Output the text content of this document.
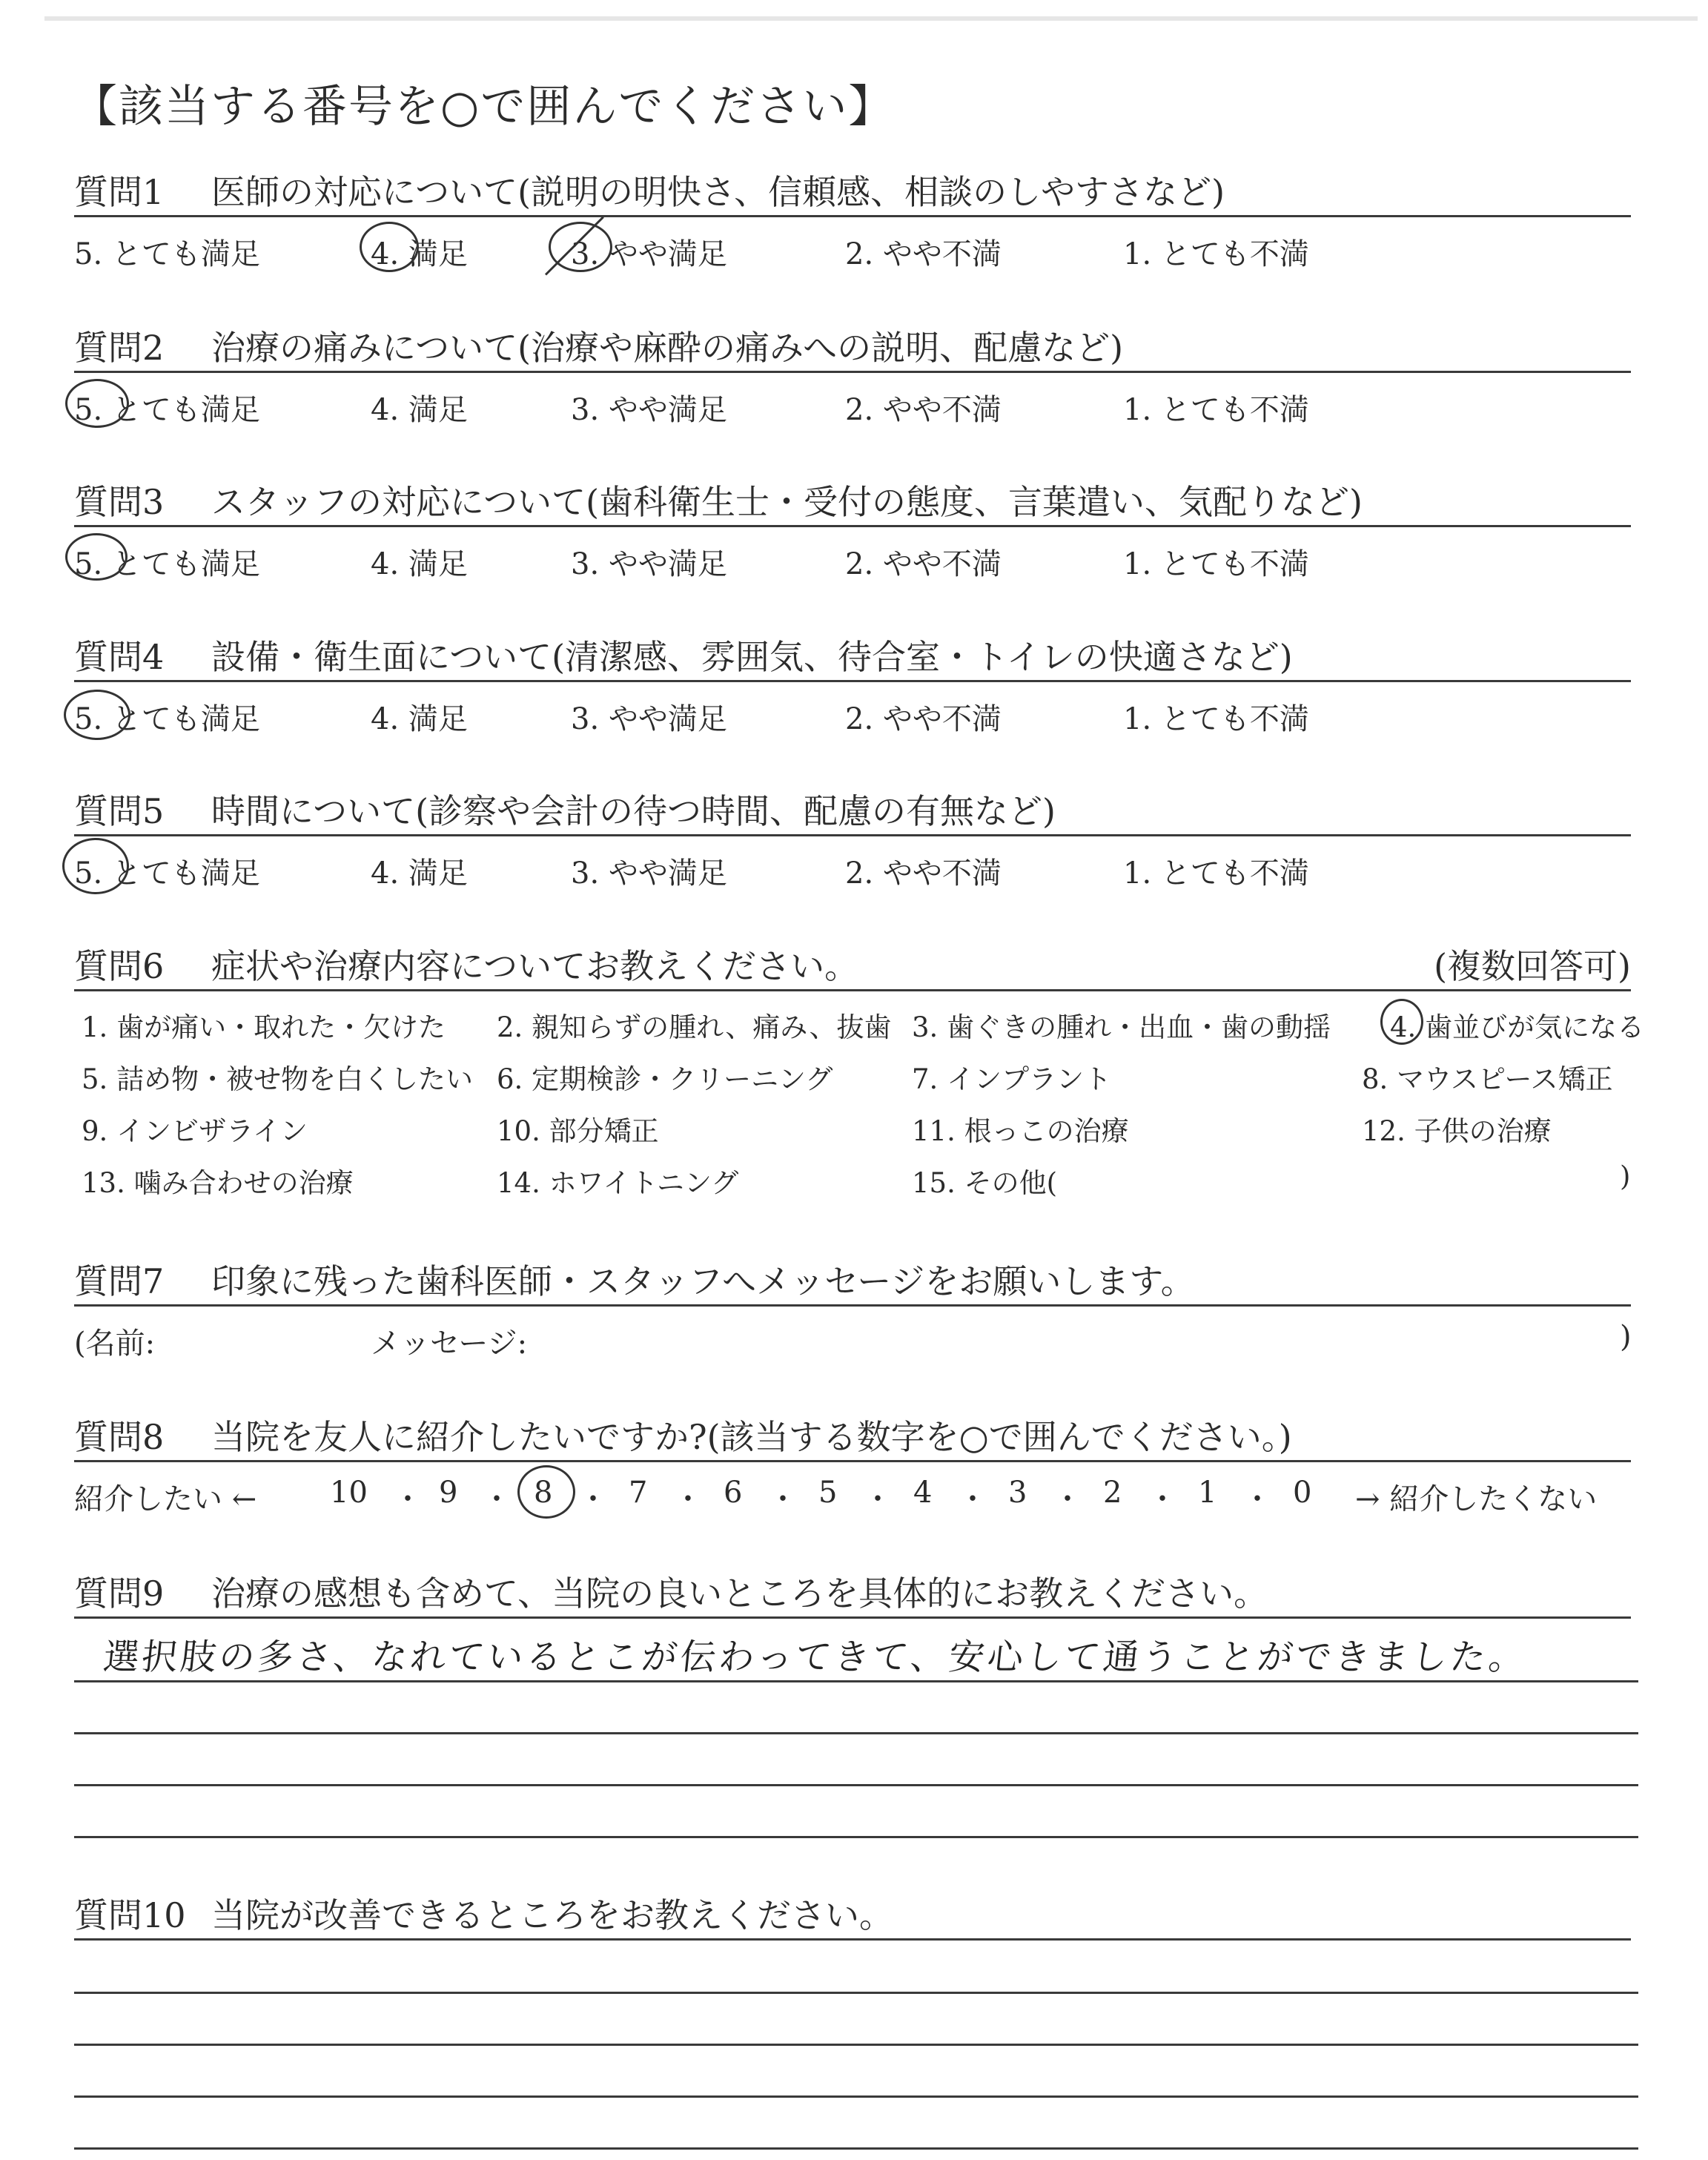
【該当する番号を○で囲んでください】
質問1 医師の対応について(説明の明快さ、信頼感、相談のしやすさなど)
5. とても満足	4. 満足	3. やや満足	2. やや不満	1. とても不満
質問2 治療の痛みについて(治療や麻酔の痛みへの説明、配慮など)
5. とても満足	4. 満足	3. やや満足	2. やや不満	1. とても不満
質問3 スタッフの対応について(歯科衛生士・受付の態度、言葉遣い、気配りなど)
5. とても満足	4. 満足	3. やや満足	2. やや不満	1. とても不満
質問4 設備・衛生面について(清潔感、雰囲気、待合室・トイレの快適さなど)
5. とても満足	4. 満足	3. やや満足	2. やや不満	1. とても不満
質問5 時間について(診察や会計の待つ時間、配慮の有無など)
5. とても満足	4. 満足	3. やや満足	2. やや不満	1. とても不満
質問6 症状や治療内容についてお教えください。	(複数回答可)
1. 歯が痛い・取れた・欠けた 2. 親知らずの腫れ、痛み、抜歯 3. 歯ぐきの腫れ・出血・歯の動揺 4. 歯並びが気になる
5. 詰め物・被せ物を白くしたい 6. 定期検診・クリーニング	7. インプラント	8. マウスピース矯正
9. インビザライン	10. 部分矯正	11. 根っこの治療	12. 子供の治療
13. 噛み合わせの治療	14. ホワイトニング	15. その他(	)
質問7 印象に残った歯科医師・スタッフへメッセージをお願いします。
(名前:	メッセージ:	)
質問8 当院を友人に紹介したいですか?(該当する数字を○で囲んでください。)
紹介したい ← 10 ・ 9 ・ 8 ・ 7 ・ 6 ・ 5 ・ 4 ・ 3 ・ 2 ・ 1 ・ 0 → 紹介したくない
質問9 治療の感想も含めて、当院の良いところを具体的にお教えください。
選択肢の多さ、なれているとこが伝わってきて、安心して通うことができました。
質問10 当院が改善できるところをお教えください。
